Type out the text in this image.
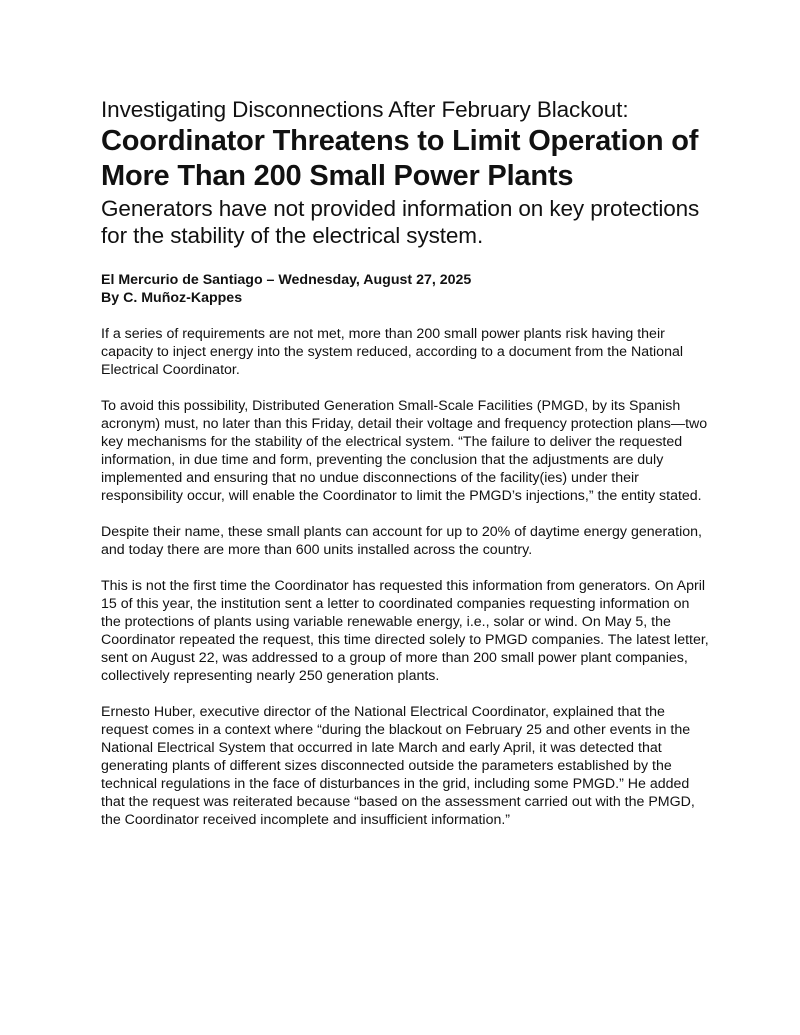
Investigating Disconnections After February Blackout:
Coordinator Threatens to Limit Operation of More Than 200 Small Power Plants
Generators have not provided information on key protections for the stability of the electrical system.
El Mercurio de Santiago – Wednesday, August 27, 2025
By C. Muñoz-Kappes

If a series of requirements are not met, more than 200 small power plants risk having their capacity to inject energy into the system reduced, according to a document from the National Electrical Coordinator.

To avoid this possibility, Distributed Generation Small-Scale Facilities (PMGD, by its Spanish acronym) must, no later than this Friday, detail their voltage and frequency protection plans—two key mechanisms for the stability of the electrical system. “The failure to deliver the requested information, in due time and form, preventing the conclusion that the adjustments are duly implemented and ensuring that no undue disconnections of the facility(ies) under their responsibility occur, will enable the Coordinator to limit the PMGD’s injections,” the entity stated.

Despite their name, these small plants can account for up to 20% of daytime energy generation, and today there are more than 600 units installed across the country.

This is not the first time the Coordinator has requested this information from generators. On April 15 of this year, the institution sent a letter to coordinated companies requesting information on the protections of plants using variable renewable energy, i.e., solar or wind. On May 5, the Coordinator repeated the request, this time directed solely to PMGD companies. The latest letter, sent on August 22, was addressed to a group of more than 200 small power plant companies, collectively representing nearly 250 generation plants.

Ernesto Huber, executive director of the National Electrical Coordinator, explained that the request comes in a context where “during the blackout on February 25 and other events in the National Electrical System that occurred in late March and early April, it was detected that generating plants of different sizes disconnected outside the parameters established by the technical regulations in the face of disturbances in the grid, including some PMGD.” He added that the request was reiterated because “based on the assessment carried out with the PMGD, the Coordinator received incomplete and insufficient information.”
